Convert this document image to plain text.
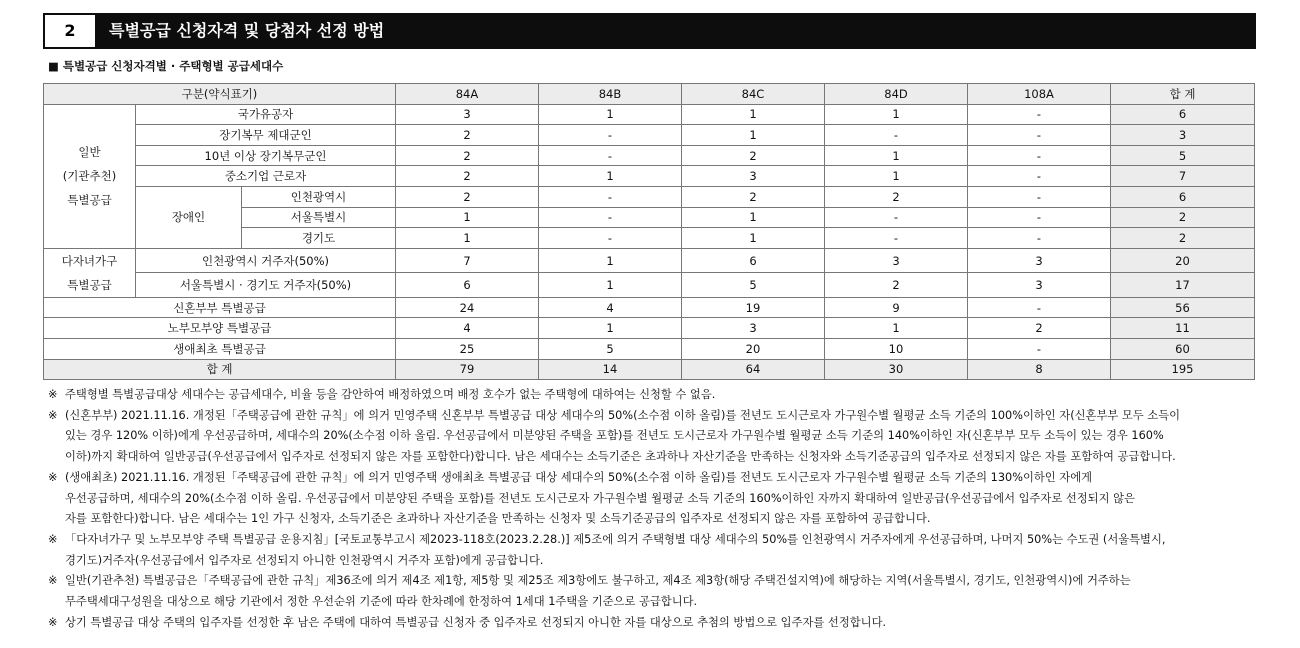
2	특별공급 신청자격 및 당첨자 선정 방법
■ 특별공급 신청자격별 · 주택형별 공급세대수
구분(약식표기)			84A	84B	84C	84D	108A	합 계

일반
(기관추천)
특별공급	국가유공자		3	1	1	1	-	6
	장기복무 제대군인		2	-	1	-	-	3
	10년 이상 장기복무군인		2	-	2	1	-	5
	중소기업 근로자		2	1	3	1	-	7
	장애인	인천광역시	2	-	2	2	-	6
		서울특별시	1	-	1	-	-	2
		경기도	1	-	1	-	-	2

다자녀가구
특별공급	인천광역시 거주자(50%)		7	1	6	3	3	20
	서울특별시 · 경기도 거주자(50%)		6	1	5	2	3	17
신혼부부 특별공급			24	4	19	9	-	56
노부모부양 특별공급			4	1	3	1	2	11
생애최초 특별공급			25	5	20	10	-	60
합 계			79	14	64	30	8	195
※ 주택형별 특별공급대상 세대수는 공급세대수, 비율 등을 감안하여 배정하였으며 배정 호수가 없는 주택형에 대하여는 신청할 수 없음.
※ (신혼부부) 2021.11.16. 개정된「주택공급에 관한 규칙」에 의거 민영주택 신혼부부 특별공급 대상 세대수의 50%(소수점 이하 올림)를 전년도 도시근로자 가구원수별 월평균 소득 기준의 100%이하인 자(신혼부부 모두 소득이
있는 경우 120% 이하)에게 우선공급하며, 세대수의 20%(소수점 이하 올림. 우선공급에서 미분양된 주택을 포함)를 전년도 도시근로자 가구원수별 월평균 소득 기준의 140%이하인 자(신혼부부 모두 소득이 있는 경우 160%
이하)까지 확대하여 일반공급(우선공급에서 입주자로 선정되지 않은 자를 포함한다)합니다. 남은 세대수는 소득기준은 초과하나 자산기준을 만족하는 신청자와 소득기준공급의 입주자로 선정되지 않은 자를 포함하여 공급합니다.
※ (생애최초) 2021.11.16. 개정된「주택공급에 관한 규칙」에 의거 민영주택 생애최초 특별공급 대상 세대수의 50%(소수점 이하 올림)를 전년도 도시근로자 가구원수별 월평균 소득 기준의 130%이하인 자에게
우선공급하며, 세대수의 20%(소수점 이하 올림. 우선공급에서 미분양된 주택을 포함)를 전년도 도시근로자 가구원수별 월평균 소득 기준의 160%이하인 자까지 확대하여 일반공급(우선공급에서 입주자로 선정되지 않은
자를 포함한다)합니다. 남은 세대수는 1인 가구 신청자, 소득기준은 초과하나 자산기준을 만족하는 신청자 및 소득기준공급의 입주자로 선정되지 않은 자를 포함하여 공급합니다.
※ 「다자녀가구 및 노부모부양 주택 특별공급 운용지침」[국토교통부고시 제2023-118호(2023.2.28.)] 제5조에 의거 주택형별 대상 세대수의 50%를 인천광역시 거주자에게 우선공급하며, 나머지 50%는 수도권 (서울특별시,
경기도)거주자(우선공급에서 입주자로 선정되지 아니한 인천광역시 거주자 포함)에게 공급합니다.
※ 일반(기관추천) 특별공급은「주택공급에 관한 규칙」제36조에 의거 제4조 제1항, 제5항 및 제25조 제3항에도 불구하고, 제4조 제3항(해당 주택건설지역)에 해당하는 지역(서울특별시, 경기도, 인천광역시)에 거주하는
무주택세대구성원을 대상으로 해당 기관에서 정한 우선순위 기준에 따라 한차례에 한정하여 1세대 1주택을 기준으로 공급합니다.
※ 상기 특별공급 대상 주택의 입주자를 선정한 후 남은 주택에 대하여 특별공급 신청자 중 입주자로 선정되지 아니한 자를 대상으로 추첨의 방법으로 입주자를 선정합니다.
